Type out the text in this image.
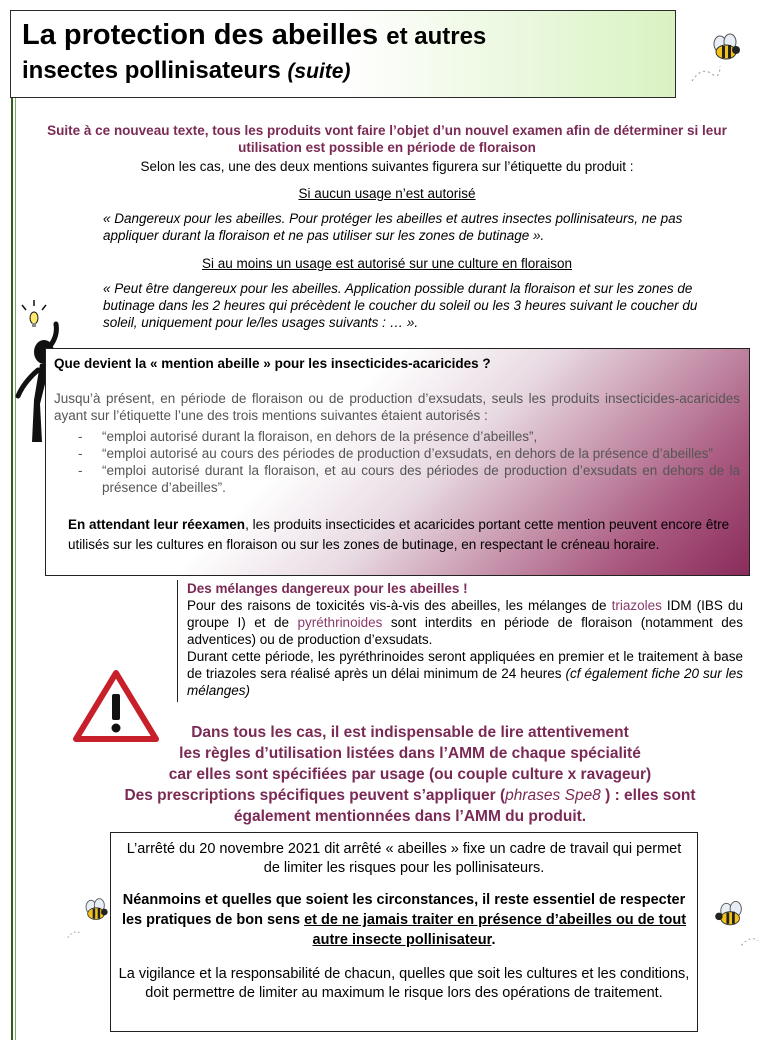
La protection des abeilles et autres
insectes pollinisateurs (suite)
Suite à ce nouveau texte, tous les produits vont faire l’objet d’un nouvel examen afin de déterminer si leur utilisation est possible en période de floraison
Selon les cas, une des deux mentions suivantes figurera sur l’étiquette du produit :
Si aucun usage n’est autorisé
« Dangereux pour les abeilles. Pour protéger les abeilles et autres insectes pollinisateurs, ne pas appliquer durant la floraison et ne pas utiliser sur les zones de butinage ».
Si au moins un usage est autorisé sur une culture en floraison
« Peut être dangereux pour les abeilles. Application possible durant la floraison et sur les zones de butinage dans les 2 heures qui précèdent le coucher du soleil ou les 3 heures suivant le coucher du soleil, uniquement pour le/les usages suivants : … ».
Que devient la « mention abeille » pour les insecticides-acaricides ?
Jusqu’à présent, en période de floraison ou de production d’exsudats, seuls les produits insecticides-acaricides ayant sur l’étiquette l’une des trois mentions suivantes étaient autorisés :
- “emploi autorisé durant la floraison, en dehors de la présence d’abeilles”,
- “emploi autorisé au cours des périodes de production d’exsudats, en dehors de la présence d’abeilles”
- “emploi autorisé durant la floraison, et au cours des périodes de production d’exsudats en dehors de la présence d’abeilles”.
En attendant leur réexamen, les produits insecticides et acaricides portant cette mention peuvent encore être utilisés sur les cultures en floraison ou sur les zones de butinage, en respectant le créneau horaire.
Des mélanges dangereux pour les abeilles !
Pour des raisons de toxicités vis-à-vis des abeilles, les mélanges de triazoles IDM (IBS du groupe I) et de pyréthrinoides sont interdits en période de floraison (notamment des adventices) ou de production d’exsudats.
Durant cette période, les pyréthrinoides seront appliquées en premier et le traitement à base de triazoles sera réalisé après un délai minimum de 24 heures (cf également fiche 20 sur les mélanges)
Dans tous les cas, il est indispensable de lire attentivement
les règles d’utilisation listées dans l’AMM de chaque spécialité
car elles sont spécifiées par usage (ou couple culture x ravageur)
Des prescriptions spécifiques peuvent s’appliquer (phrases Spe8 ) : elles sont
également mentionnées dans l’AMM du produit.
L’arrêté du 20 novembre 2021 dit arrêté « abeilles » fixe un cadre de travail qui permet de limiter les risques pour les pollinisateurs.
Néanmoins et quelles que soient les circonstances, il reste essentiel de respecter les pratiques de bon sens et de ne jamais traiter en présence d’abeilles ou de tout autre insecte pollinisateur.
La vigilance et la responsabilité de chacun, quelles que soit les cultures et les conditions, doit permettre de limiter au maximum le risque lors des opérations de traitement.
